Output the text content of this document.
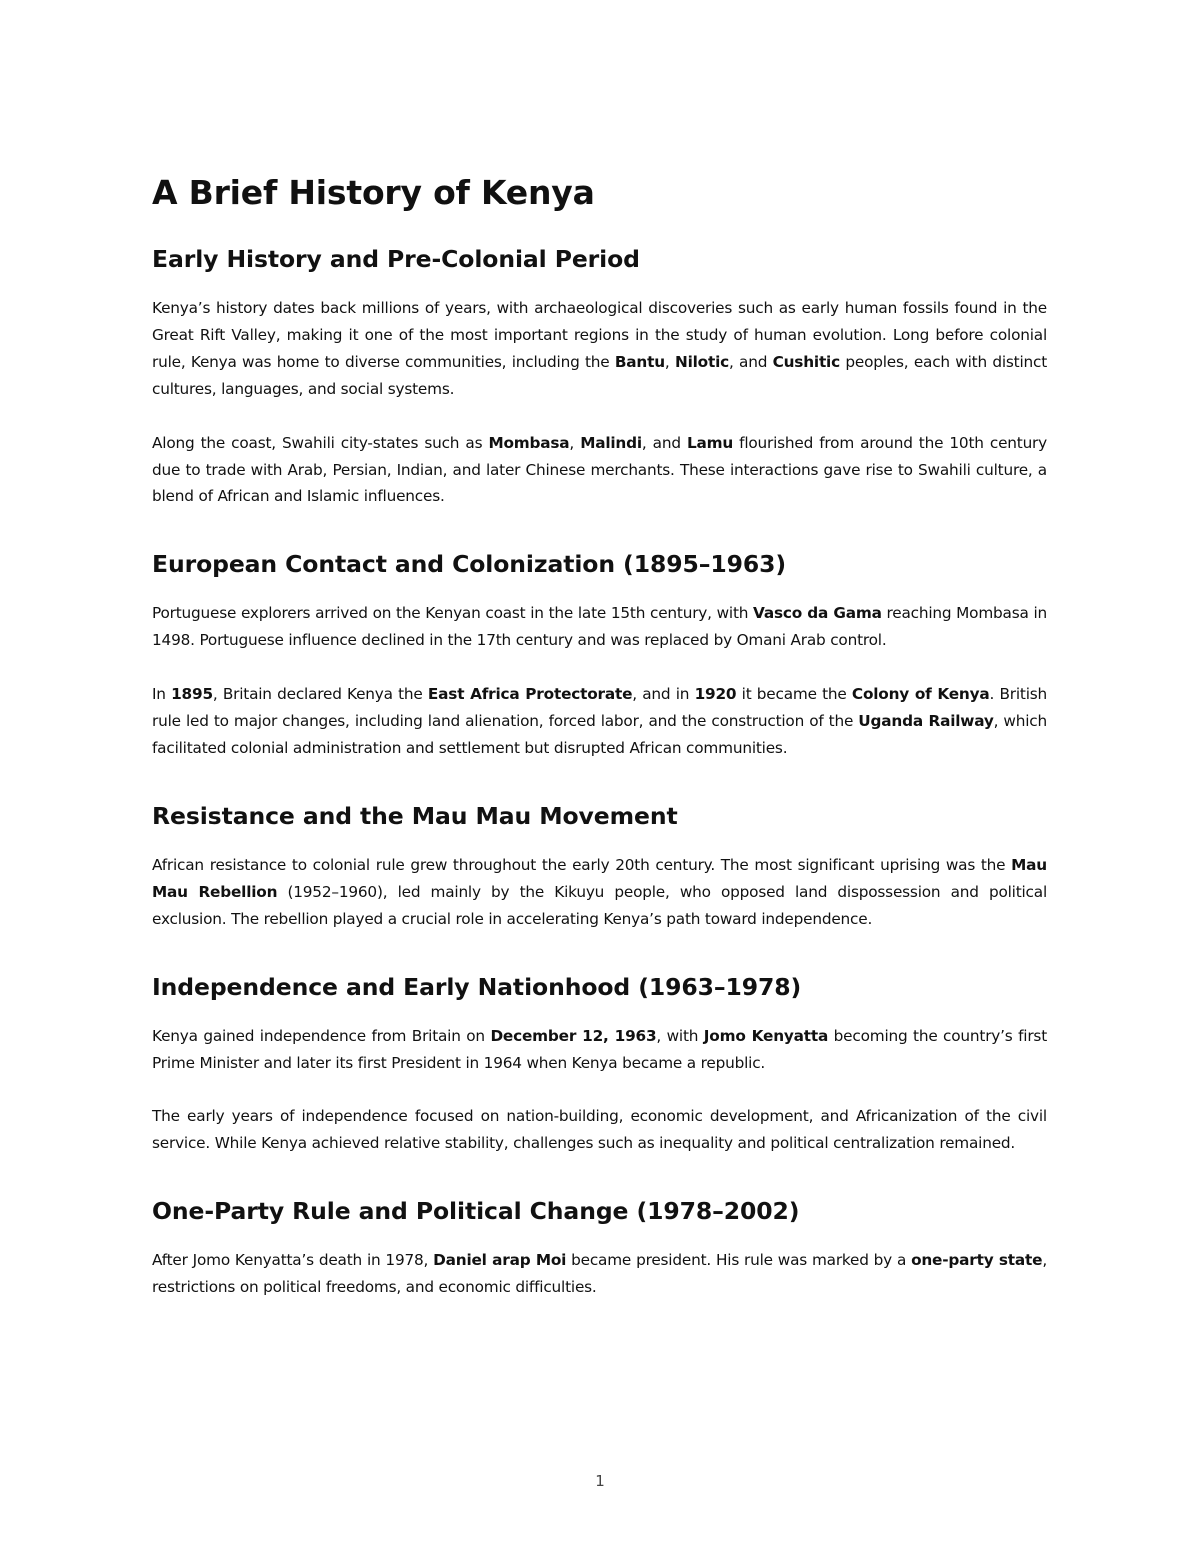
A Brief History of Kenya
Early History and Pre-Colonial Period

Kenya’s history dates back millions of years, with archaeological discoveries such as early human fossils found in the Great Rift Valley, making it one of the most important regions in the study of human evolution. Long before colonial rule, Kenya was home to diverse communities, including the Bantu, Nilotic, and Cushitic peoples, each with distinct cultures, languages, and social systems.

Along the coast, Swahili city-states such as Mombasa, Malindi, and Lamu flourished from around the 10th century due to trade with Arab, Persian, Indian, and later Chinese merchants. These interactions gave rise to Swahili culture, a blend of African and Islamic influences.

European Contact and Colonization (1895–1963)

Portuguese explorers arrived on the Kenyan coast in the late 15th century, with Vasco da Gama reaching Mombasa in 1498. Portuguese influence declined in the 17th century and was replaced by Omani Arab control.

In 1895, Britain declared Kenya the East Africa Protectorate, and in 1920 it became the Colony of Kenya. British rule led to major changes, including land alienation, forced labor, and the construction of the Uganda Railway, which facilitated colonial administration and settlement but disrupted African communities.

Resistance and the Mau Mau Movement

African resistance to colonial rule grew throughout the early 20th century. The most significant uprising was the Mau Mau Rebellion (1952–1960), led mainly by the Kikuyu people, who opposed land dispossession and political exclusion. The rebellion played a crucial role in accelerating Kenya’s path toward independence.

Independence and Early Nationhood (1963–1978)

Kenya gained independence from Britain on December 12, 1963, with Jomo Kenyatta becoming the country’s first Prime Minister and later its first President in 1964 when Kenya became a republic.

The early years of independence focused on nation-building, economic development, and Africanization of the civil service. While Kenya achieved relative stability, challenges such as inequality and political centralization remained.

One-Party Rule and Political Change (1978–2002)

After Jomo Kenyatta’s death in 1978, Daniel arap Moi became president. His rule was marked by a one-party state, restrictions on political freedoms, and economic difficulties.

1
